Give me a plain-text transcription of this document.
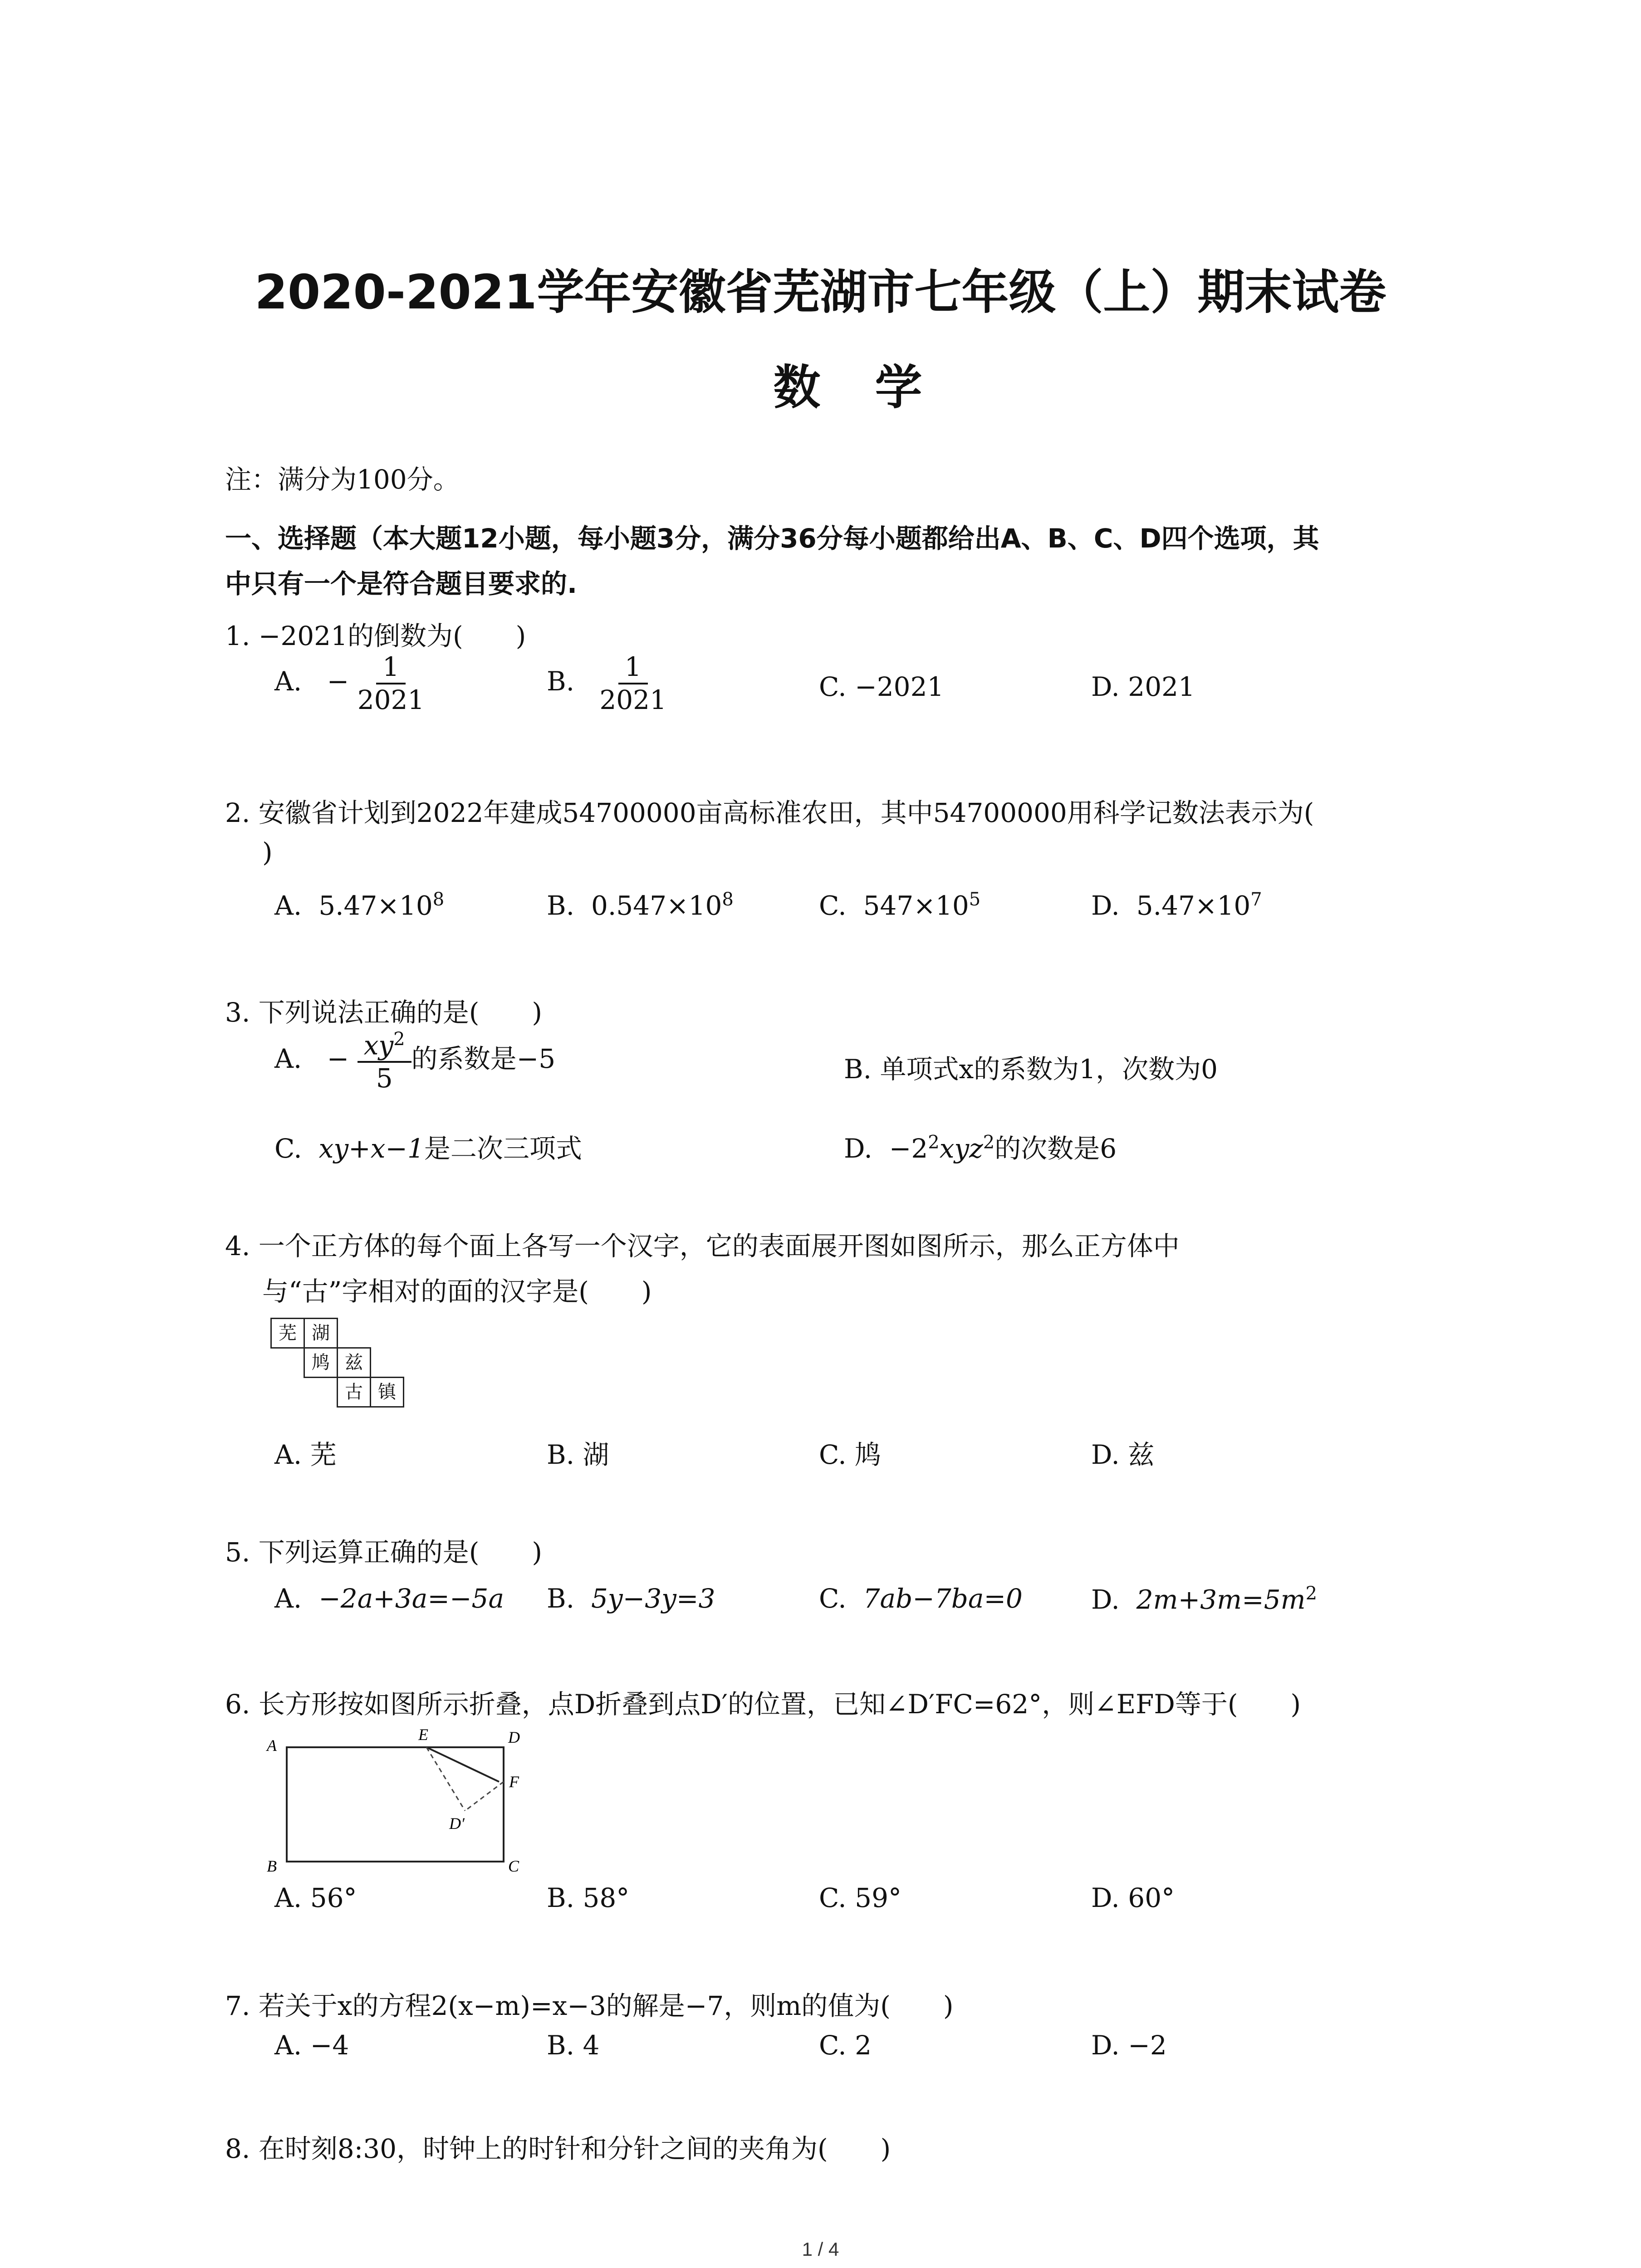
2020-2021学年安徽省芜湖市七年级（上）期末试卷
数学
注：满分为100分。
一、选择题（本大题12小题，每小题3分，满分36分每小题都给出A、B、C、D四个选项，其
中只有一个是符合题目要求的.
1. −2021的倒数为(　　)
A. − $\frac{1}{2021}$	B. $\frac{1}{2021}$	C. −2021	D. 2021
2. 安徽省计划到2022年建成54700000亩高标准农田，其中54700000用科学记数法表示为(
)
A. $5.47\times 10^8$	B. $0.547\times 10^8$	C. $547\times 10^5$	D. $5.47\times 10^7$
3. 下列说法正确的是(　　)
A. − $\frac{xy^2}{5}$ 的系数是−5	B. 单项式x的系数为1，次数为0
C. xy+x−1是二次三项式	D. $-2^2xyz^2$的次数是6
4. 一个正方体的每个面上各写一个汉字，它的表面展开图如图所示，那么正方体中
与“古”字相对的面的汉字是(　　)
芜 湖
鸠 兹
古 镇
A. 芜	B. 湖	C. 鸠	D. 兹
5. 下列运算正确的是(　　)
A. −2a+3a=−5a B. 5y−3y=3	C. 7ab−7ba=0	D. $2m+3m=5m^2$
6. 长方形按如图所示折叠，点D折叠到点D′的位置，已知∠D′FC=62°，则∠EFD等于(　　)
A
B	C
D
E
F
D′
A. 56°	B. 58°	C. 59°	D. 60°
7. 若关于x的方程2(x−m)=x−3的解是−7，则m的值为(　　)
A. −4	B. 4	C. 2	D. −2
8. 在时刻8:30，时钟上的时针和分针之间的夹角为(　　)
1 / 4
